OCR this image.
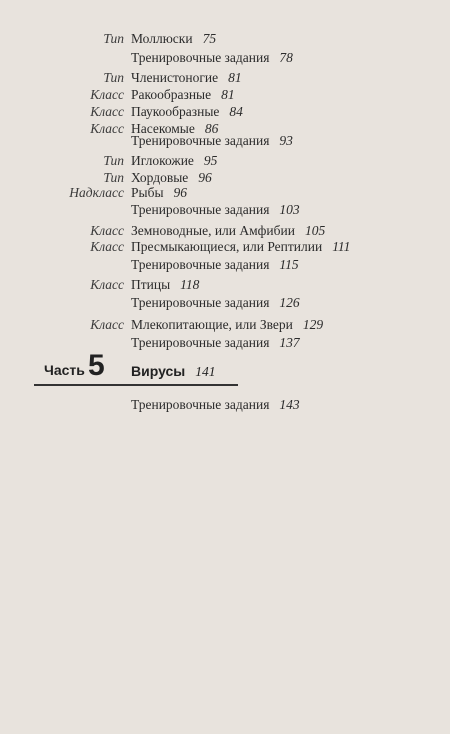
Тип Моллюски 75
Тренировочные задания 78
Тип Членистоногие 81
Класс Ракообразные 81
Класс Паукообразные 84
Класс Насекомые 86
Тренировочные задания 93
Тип Иглокожие 95
Тип Хордовые 96
Надкласс Рыбы 96
Тренировочные задания 103
Класс Земноводные, или Амфибии 105
Класс Пресмыкающиеся, или Рептилии 111
Тренировочные задания 115
Класс Птицы 118
Тренировочные задания 126
Класс Млекопитающие, или Звери 129
Тренировочные задания 137
Часть 5 Вирусы 141
Тренировочные задания 143
